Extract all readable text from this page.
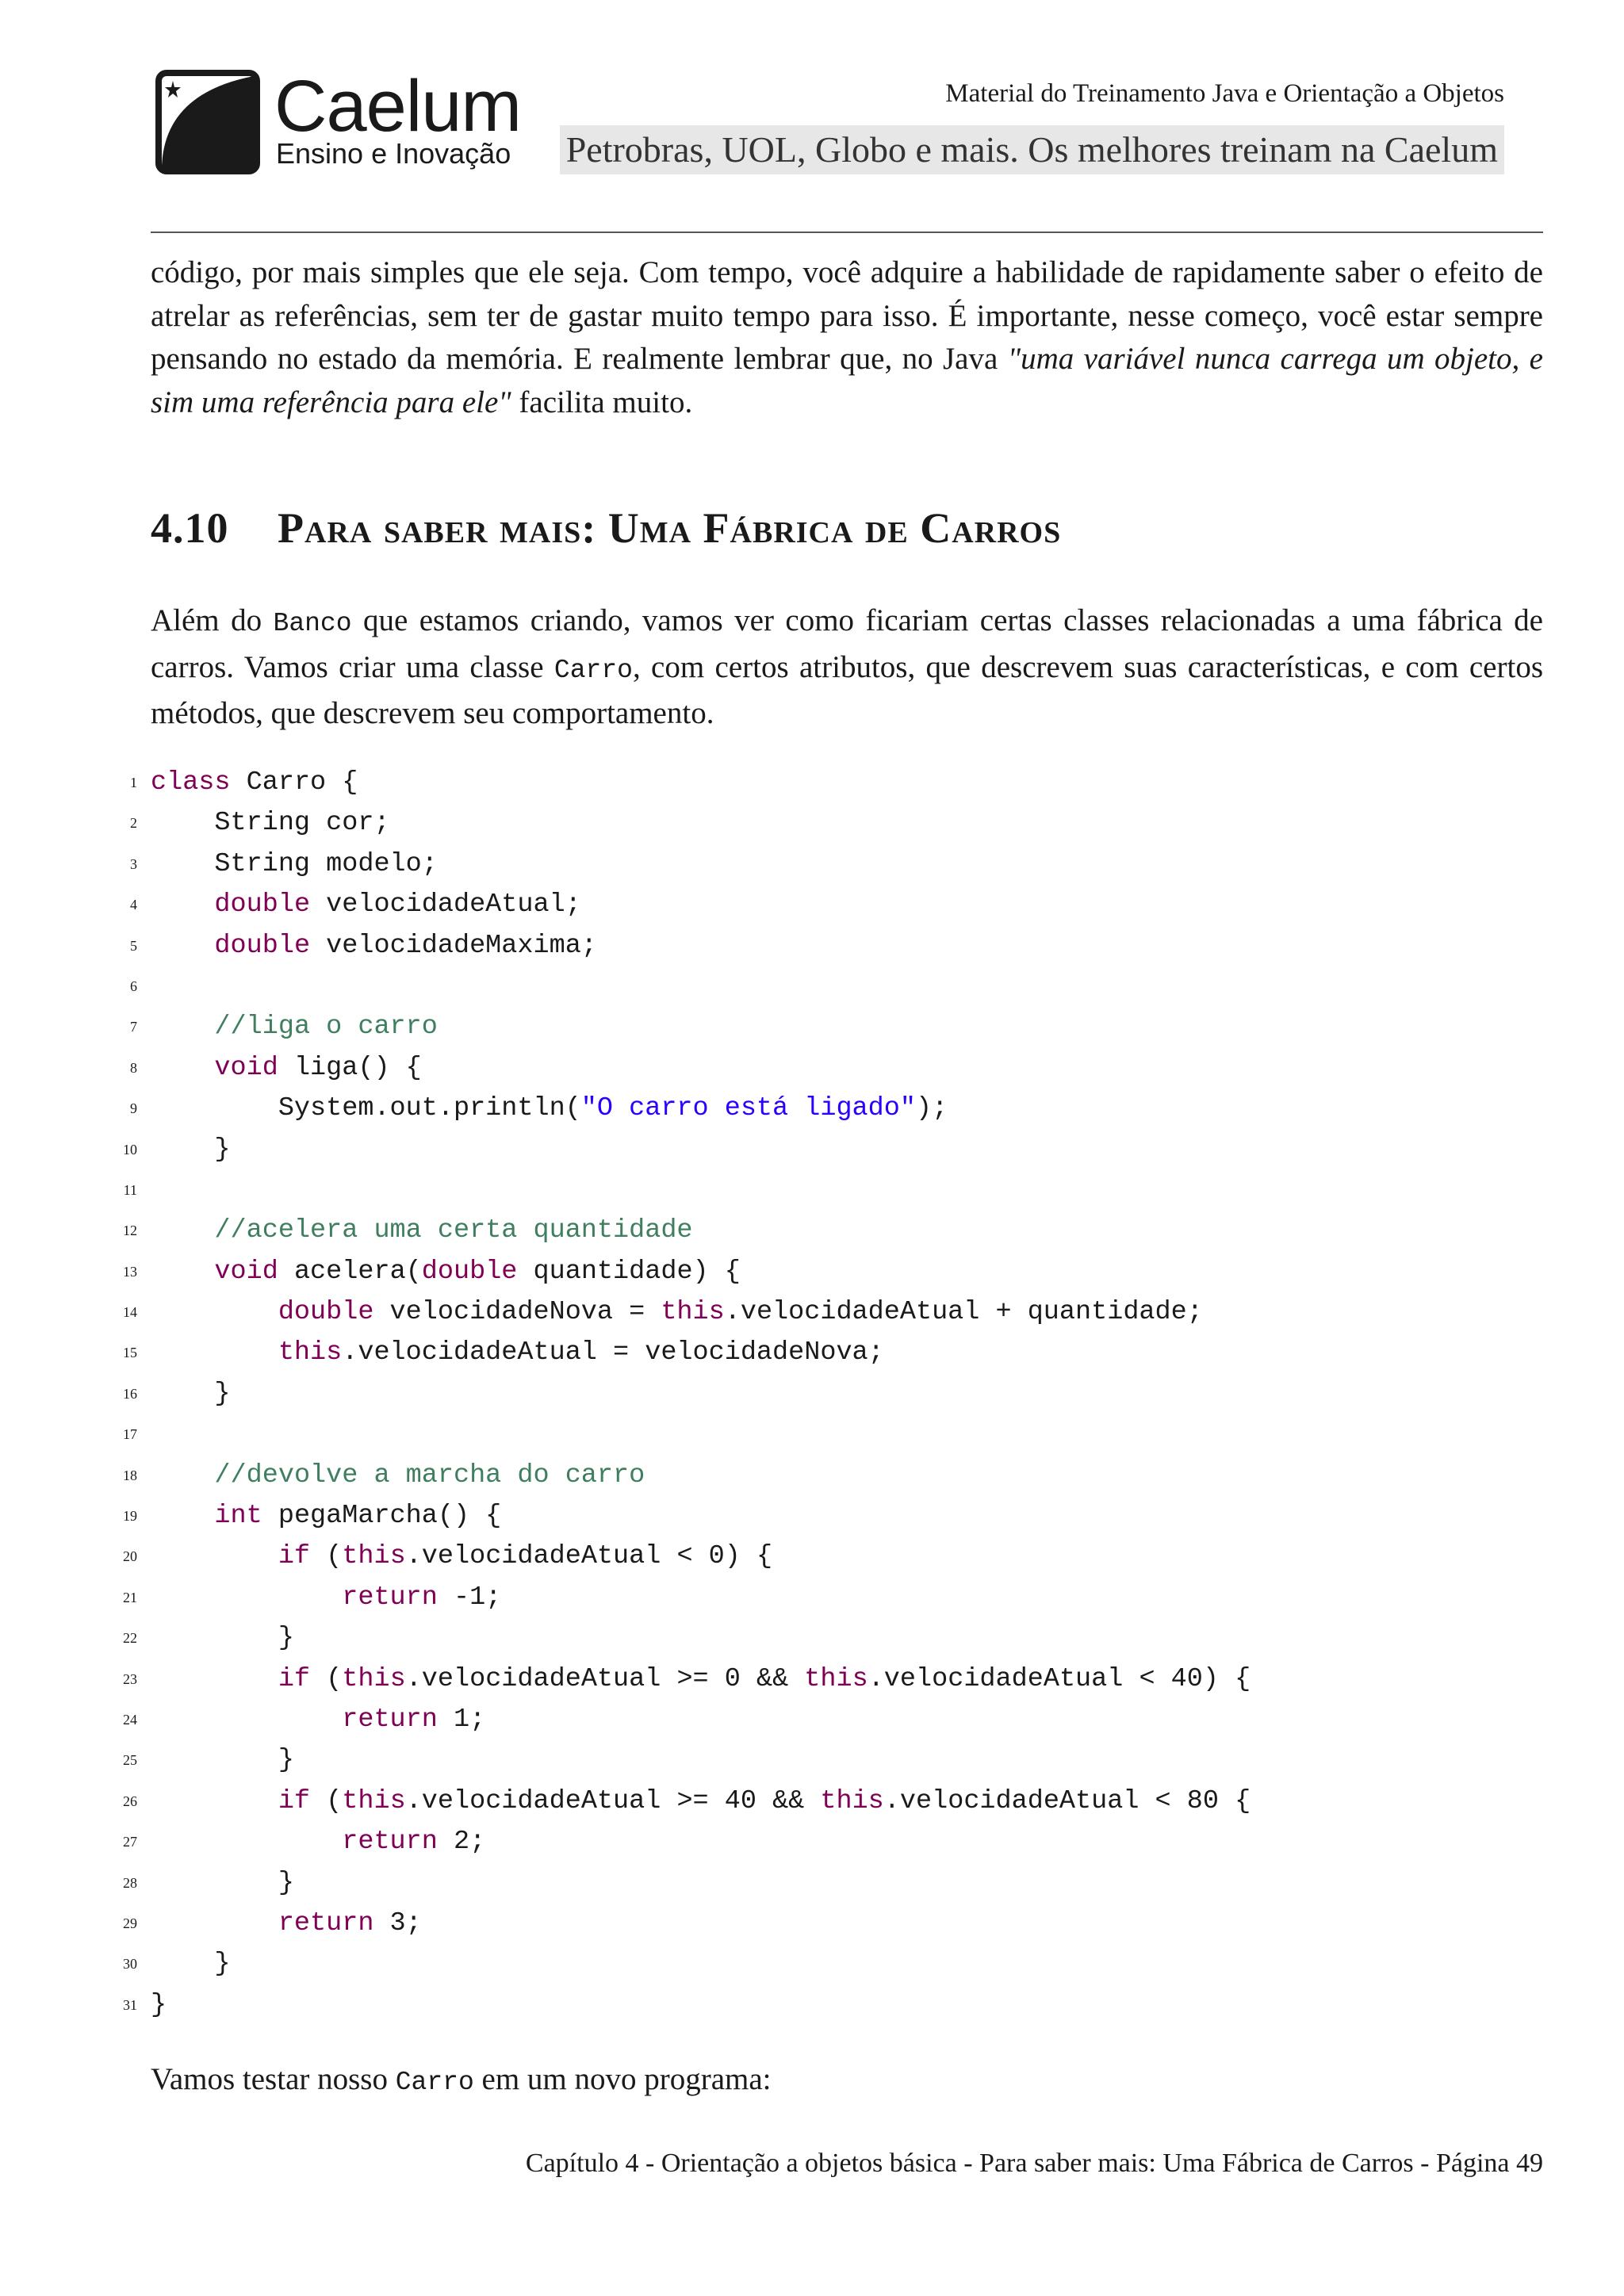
Caelum
Ensino e Inovação
Material do Treinamento Java e Orientação a Objetos
Petrobras, UOL, Globo e mais. Os melhores treinam na Caelum

código, por mais simples que ele seja. Com tempo, você adquire a habilidade de rapidamente saber o efeito de atrelar as referências, sem ter de gastar muito tempo para isso. É importante, nesse começo, você estar sempre pensando no estado da memória. E realmente lembrar que, no Java "uma variável nunca carrega um objeto, e sim uma referência para ele" facilita muito.

4.10 Para saber mais: Uma Fábrica de Carros

Além do Banco que estamos criando, vamos ver como ficariam certas classes relacionadas a uma fábrica de carros. Vamos criar uma classe Carro, com certos atributos, que descrevem suas características, e com certos métodos, que descrevem seu comportamento.

1 class Carro {
2 String cor;
3 String modelo;
4	double velocidadeAtual;
5	double velocidadeMaxima;
6
7	//liga o carro
8	void liga() {
9 System.out.println("O carro está ligado");
10 }
11
12	//acelera uma certa quantidade
13	void acelera(double quantidade) {
14	double velocidadeNova = this.velocidadeAtual + quantidade;
15	this.velocidadeAtual = velocidadeNova;
16 }
17
18	//devolve a marcha do carro
19	int pegaMarcha() {
20	if (this.velocidadeAtual < 0) {
21	return -1;
22 }
23	if (this.velocidadeAtual >= 0 && this.velocidadeAtual < 40) {
24	return 1;
25 }
26	if (this.velocidadeAtual >= 40 && this.velocidadeAtual < 80 {
27	return 2;
28 }
29	return 3;
30 }
31 }

Vamos testar nosso Carro em um novo programa:

Capítulo 4 - Orientação a objetos básica - Para saber mais: Uma Fábrica de Carros - Página 49
